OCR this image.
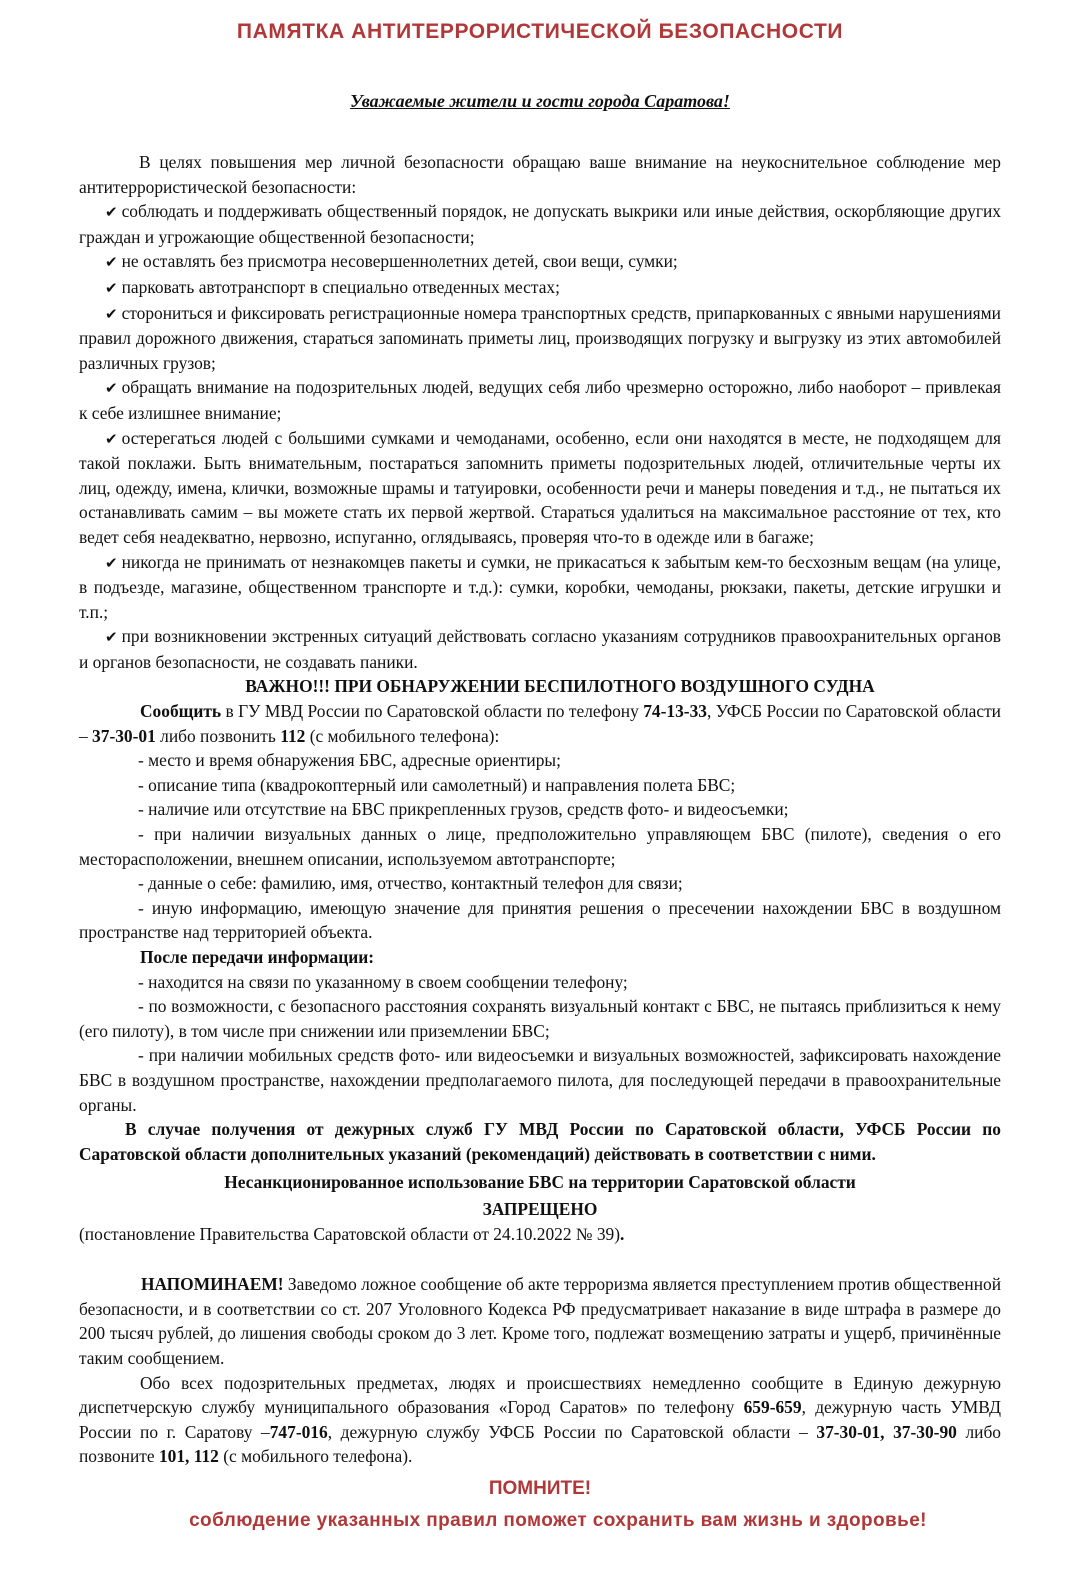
ПАМЯТКА АНТИТЕРРОРИСТИЧЕСКОЙ БЕЗОПАСНОСТИ
Уважаемые жители и гости города Саратова!

В целях повышения мер личной безопасности обращаю ваше внимание на неукоснительное соблюдение мер антитеррористической безопасности:

✔ соблюдать и поддерживать общественный порядок, не допускать выкрики или иные действия, оскорбляющие других граждан и угрожающие общественной безопасности;

✔ не оставлять без присмотра несовершеннолетних детей, свои вещи, сумки;

✔ парковать автотранспорт в специально отведенных местах;

✔ сторониться и фиксировать регистрационные номера транспортных средств, припаркованных с явными нарушениями правил дорожного движения, стараться запоминать приметы лиц, производящих погрузку и выгрузку из этих автомобилей различных грузов;

✔ обращать внимание на подозрительных людей, ведущих себя либо чрезмерно осторожно, либо наоборот – привлекая к себе излишнее внимание;

✔ остерегаться людей с большими сумками и чемоданами, особенно, если они находятся в месте, не подходящем для такой поклажи. Быть внимательным, постараться запомнить приметы подозрительных людей, отличительные черты их лиц, одежду, имена, клички, возможные шрамы и татуировки, особенности речи и манеры поведения и т.д., не пытаться их останавливать самим – вы можете стать их первой жертвой. Стараться удалиться на максимальное расстояние от тех, кто ведет себя неадекватно, нервозно, испуганно, оглядываясь, проверяя что-то в одежде или в багаже;

✔ никогда не принимать от незнакомцев пакеты и сумки, не прикасаться к забытым кем-то бесхозным вещам (на улице, в подъезде, магазине, общественном транспорте и т.д.): сумки, коробки, чемоданы, рюкзаки, пакеты, детские игрушки и т.п.;

✔ при возникновении экстренных ситуаций действовать согласно указаниям сотрудников правоохранительных органов и органов безопасности, не создавать паники.

ВАЖНО!!! ПРИ ОБНАРУЖЕНИИ БЕСПИЛОТНОГО ВОЗДУШНОГО СУДНА

Сообщить в ГУ МВД России по Саратовской области по телефону 74-13-33, УФСБ России по Саратовской области – 37-30-01 либо позвонить 112 (с мобильного телефона):

- место и время обнаружения БВС, адресные ориентиры;

- описание типа (квадрокоптерный или самолетный) и направления полета БВС;

- наличие или отсутствие на БВС прикрепленных грузов, средств фото- и видеосъемки;

- при наличии визуальных данных о лице, предположительно управляющем БВС (пилоте), сведения о его месторасположении, внешнем описании, используемом автотранспорте;

- данные о себе: фамилию, имя, отчество, контактный телефон для связи;

- иную информацию, имеющую значение для принятия решения о пресечении нахождении БВС в воздушном пространстве над территорией объекта.

После передачи информации:

- находится на связи по указанному в своем сообщении телефону;

- по возможности, с безопасного расстояния сохранять визуальный контакт с БВС, не пытаясь приблизиться к нему (его пилоту), в том числе при снижении или приземлении БВС;

- при наличии мобильных средств фото- или видеосъемки и визуальных возможностей, зафиксировать нахождение БВС в воздушном пространстве, нахождении предполагаемого пилота, для последующей передачи в правоохранительные органы.

В случае получения от дежурных служб ГУ МВД России по Саратовской области, УФСБ России по Саратовской области дополнительных указаний (рекомендаций) действовать в соответствии с ними.

Несанкционированное использование БВС на территории Саратовской области
ЗАПРЕЩЕНО

(постановление Правительства Саратовской области от 24.10.2022 № 39).

НАПОМИНАЕМ! Заведомо ложное сообщение об акте терроризма является преступлением против общественной безопасности, и в соответствии со ст. 207 Уголовного Кодекса РФ предусматривает наказание в виде штрафа в размере до 200 тысяч рублей, до лишения свободы сроком до 3 лет. Кроме того, подлежат возмещению затраты и ущерб, причинённые таким сообщением.

Обо всех подозрительных предметах, людях и происшествиях немедленно сообщите в Единую дежурную диспетчерскую службу муниципального образования «Город Саратов» по телефону 659-659, дежурную часть УМВД России по г. Саратову –747-016, дежурную службу УФСБ России по Саратовской области – 37-30-01, 37-30-90 либо позвоните 101, 112 (с мобильного телефона).

ПОМНИТЕ!
соблюдение указанных правил поможет сохранить вам жизнь и здоровье!
